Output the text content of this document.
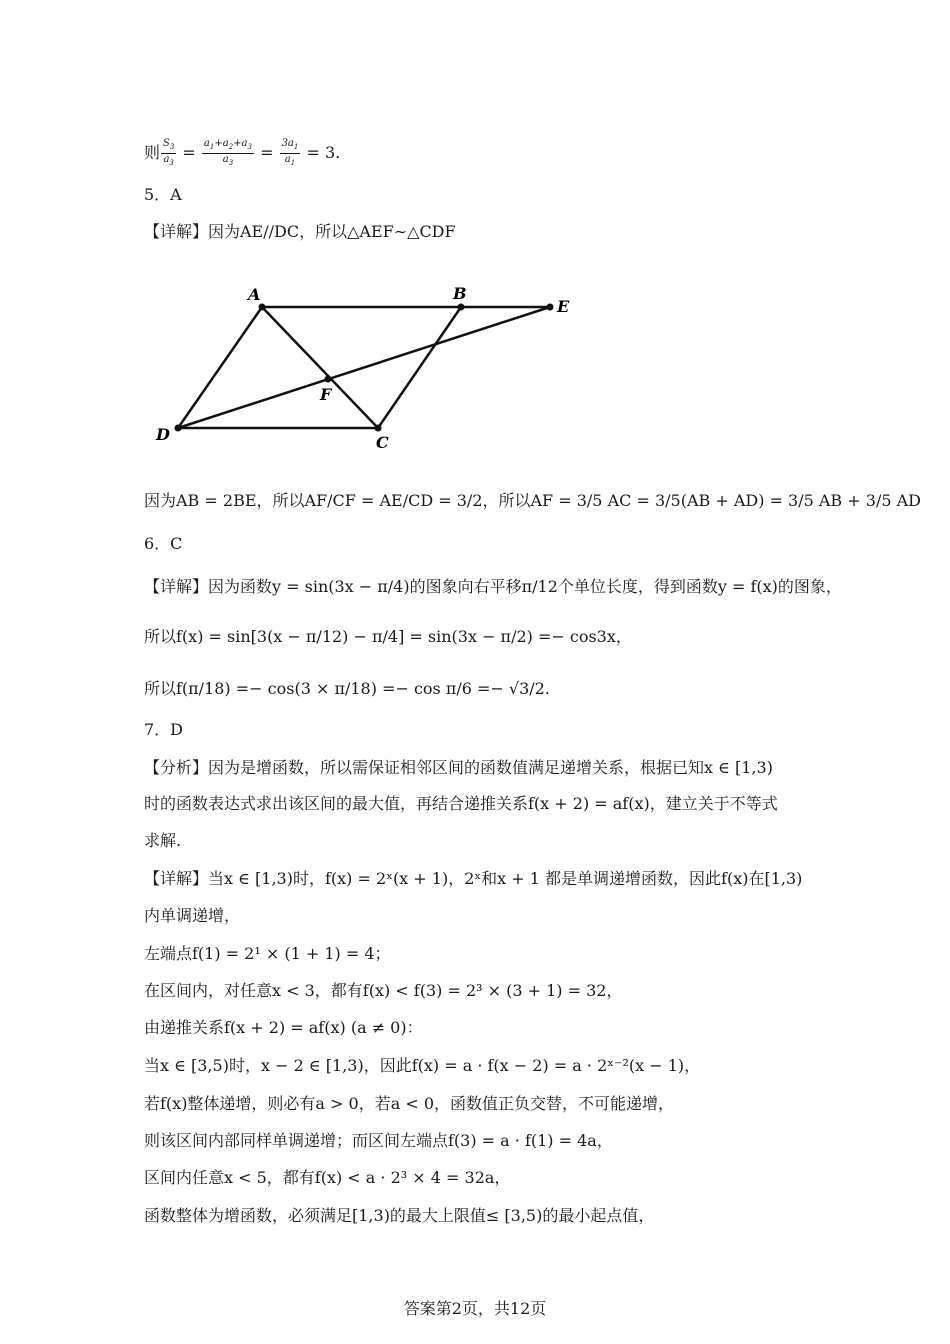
则 $\frac{S_3}{a_3} = \frac{a_1+a_2+a_3}{a_3} = \frac{3a_1}{a_1} = 3$.
5．A
【详解】因为AE//DC，所以△AEF∼△CDF
A	B
E
F
D	C
因为AB = 2BE，所以AF/CF = AE/CD = 3/2，所以AF = 3/5 AC = 3/5(AB + AD) = 3/5 AB + 3/5 AD
6．C
【详解】因为函数y = sin(3x − π/4)的图象向右平移π/12个单位长度，得到函数y = f(x)的图象，
所以f(x) = sin[3(x − π/12) − π/4] = sin(3x − π/2) =− cos3x，
所以f(π/18) =− cos(3 × π/18) =− cos π/6 =− √3/2.
7．D
【分析】因为是增函数，所以需保证相邻区间的函数值满足递增关系，根据已知x ∈ [1,3)
时的函数表达式求出该区间的最大值，再结合递推关系f(x + 2) = af(x)，建立关于不等式
求解.
【详解】当x ∈ [1,3)时，f(x) = 2ˣ(x + 1)，2ˣ和x + 1 都是单调递增函数，因此f(x)在[1,3)
内单调递增，
左端点f(1) = 2¹ × (1 + 1) = 4；
在区间内，对任意x < 3，都有f(x) < f(3) = 2³ × (3 + 1) = 32，
由递推关系f(x + 2) = af(x) (a ≠ 0)：
当x ∈ [3,5)时，x − 2 ∈ [1,3)，因此f(x) = a · f(x − 2) = a · 2ˣ⁻²(x − 1)，
若f(x)整体递增，则必有a > 0，若a < 0，函数值正负交替，不可能递增，
则该区间内部同样单调递增；而区间左端点f(3) = a · f(1) = 4a，
区间内任意x < 5，都有f(x) < a · 2³ × 4 = 32a，
函数整体为增函数，必须满足[1,3)的最大上限值≤ [3,5)的最小起点值，
答案第2页，共12页
